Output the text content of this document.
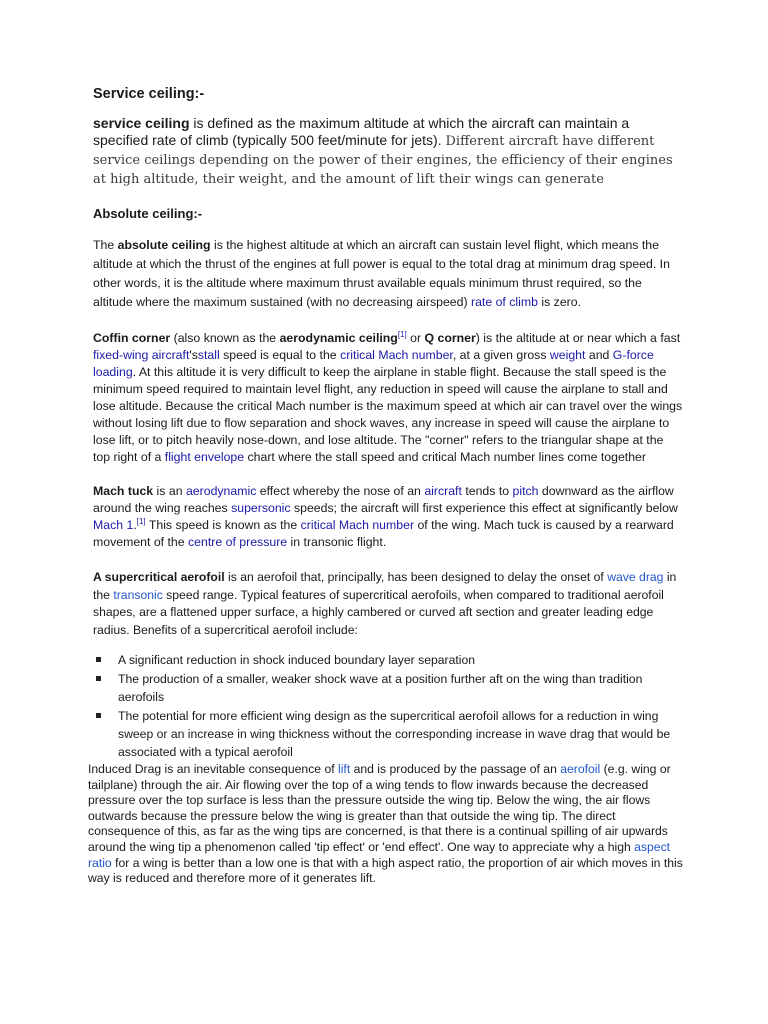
Service ceiling:-

service ceiling is defined as the maximum altitude at which the aircraft can maintain a specified rate of climb (typically 500 feet/minute for jets). Different aircraft have different service ceilings depending on the power of their engines, the efficiency of their engines at high altitude, their weight, and the amount of lift their wings can generate

Absolute ceiling:-

The absolute ceiling is the highest altitude at which an aircraft can sustain level flight, which means the altitude at which the thrust of the engines at full power is equal to the total drag at minimum drag speed. In other words, it is the altitude where maximum thrust available equals minimum thrust required, so the altitude where the maximum sustained (with no decreasing airspeed) rate of climb is zero.

Coffin corner (also known as the aerodynamic ceiling[1] or Q corner) is the altitude at or near which a fast fixed-wing aircraft'sstall speed is equal to the critical Mach number, at a given gross weight and G-force loading. At this altitude it is very difficult to keep the airplane in stable flight. Because the stall speed is the minimum speed required to maintain level flight, any reduction in speed will cause the airplane to stall and lose altitude. Because the critical Mach number is the maximum speed at which air can travel over the wings without losing lift due to flow separation and shock waves, any increase in speed will cause the airplane to lose lift, or to pitch heavily nose-down, and lose altitude. The "corner" refers to the triangular shape at the top right of a flight envelope chart where the stall speed and critical Mach number lines come together

Mach tuck is an aerodynamic effect whereby the nose of an aircraft tends to pitch downward as the airflow around the wing reaches supersonic speeds; the aircraft will first experience this effect at significantly below Mach 1.[1] This speed is known as the critical Mach number of the wing. Mach tuck is caused by a rearward movement of the centre of pressure in transonic flight.

A supercritical aerofoil is an aerofoil that, principally, has been designed to delay the onset of wave drag in the transonic speed range. Typical features of supercritical aerofoils, when compared to traditional aerofoil shapes, are a flattened upper surface, a highly cambered or curved aft section and greater leading edge radius. Benefits of a supercritical aerofoil include:

A significant reduction in shock induced boundary layer separation
The production of a smaller, weaker shock wave at a position further aft on the wing than tradition aerofoils
The potential for more efficient wing design as the supercritical aerofoil allows for a reduction in wing sweep or an increase in wing thickness without the corresponding increase in wave drag that would be associated with a typical aerofoil

Induced Drag is an inevitable consequence of lift and is produced by the passage of an aerofoil (e.g. wing or tailplane) through the air. Air flowing over the top of a wing tends to flow inwards because the decreased pressure over the top surface is less than the pressure outside the wing tip. Below the wing, the air flows outwards because the pressure below the wing is greater than that outside the wing tip. The direct consequence of this, as far as the wing tips are concerned, is that there is a continual spilling of air upwards around the wing tip a phenomenon called 'tip effect' or 'end effect'. One way to appreciate why a high aspect ratio for a wing is better than a low one is that with a high aspect ratio, the proportion of air which moves in this way is reduced and therefore more of it generates lift.
